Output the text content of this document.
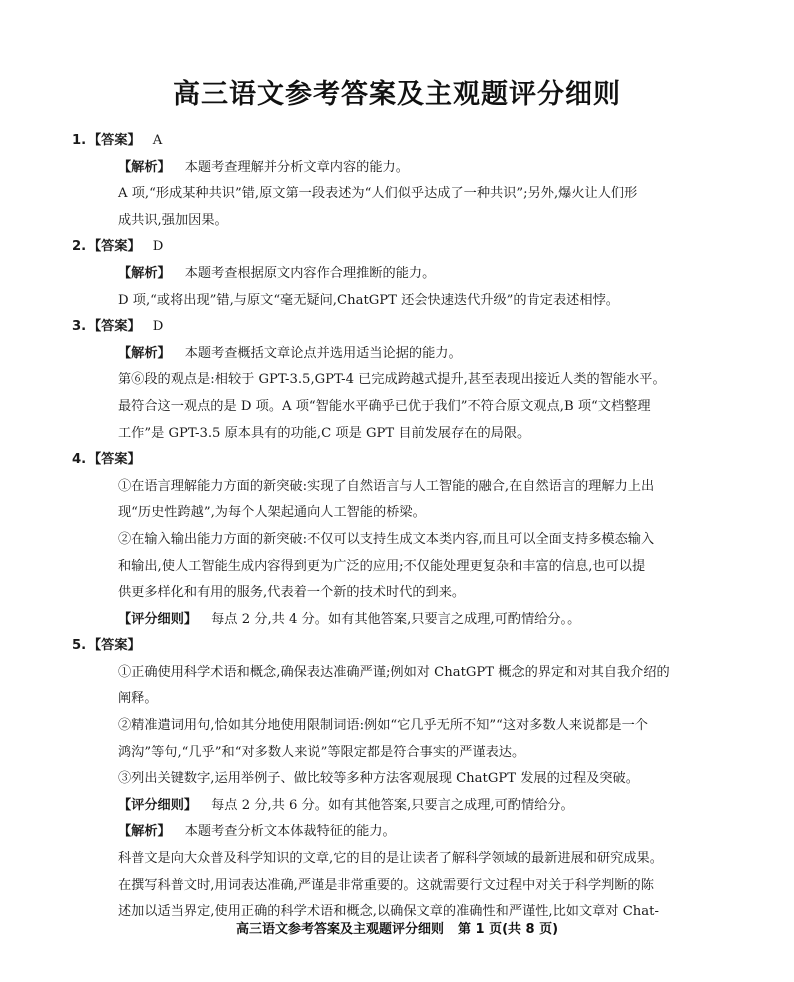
高三语文参考答案及主观题评分细则
1. 【答案】 A
【解析】 本题考查理解并分析文章内容的能力。
A 项,“形成某种共识”错,原文第一段表述为“人们似乎达成了一种共识”;另外,爆火让人们形
成共识,强加因果。
2. 【答案】 D
【解析】 本题考查根据原文内容作合理推断的能力。
D 项,“或将出现”错,与原文“毫无疑问,ChatGPT 还会快速迭代升级”的肯定表述相悖。
3. 【答案】 D
【解析】 本题考查概括文章论点并选用适当论据的能力。
第⑥段的观点是:相较于 GPT-3.5,GPT-4 已完成跨越式提升,甚至表现出接近人类的智能水平。
最符合这一观点的是 D 项。A 项“智能水平确乎已优于我们”不符合原文观点,B 项“文档整理
工作”是 GPT-3.5 原本具有的功能,C 项是 GPT 目前发展存在的局限。
4. 【答案】
①在语言理解能力方面的新突破:实现了自然语言与人工智能的融合,在自然语言的理解力上出
现“历史性跨越”,为每个人架起通向人工智能的桥梁。
②在输入输出能力方面的新突破:不仅可以支持生成文本类内容,而且可以全面支持多模态输入
和输出,使人工智能生成内容得到更为广泛的应用;不仅能处理更复杂和丰富的信息,也可以提
供更多样化和有用的服务,代表着一个新的技术时代的到来。
【评分细则】 每点 2 分,共 4 分。如有其他答案,只要言之成理,可酌情给分。。
5. 【答案】
①正确使用科学术语和概念,确保表达准确严谨;例如对 ChatGPT 概念的界定和对其自我介绍的
阐释。
②精准遣词用句,恰如其分地使用限制词语:例如“它几乎无所不知”“这对多数人来说都是一个
鸿沟”等句,“几乎”和“对多数人来说”等限定都是符合事实的严谨表达。
③列出关键数字,运用举例子、做比较等多种方法客观展现 ChatGPT 发展的过程及突破。
【评分细则】 每点 2 分,共 6 分。如有其他答案,只要言之成理,可酌情给分。
【解析】 本题考查分析文本体裁特征的能力。
科普文是向大众普及科学知识的文章,它的目的是让读者了解科学领域的最新进展和研究成果。
在撰写科普文时,用词表达准确,严谨是非常重要的。这就需要行文过程中对关于科学判断的陈
述加以适当界定,使用正确的科学术语和概念,以确保文章的准确性和严谨性,比如文章对 Chat-
高三语文参考答案及主观题评分细则 第 1 页(共 8 页)
